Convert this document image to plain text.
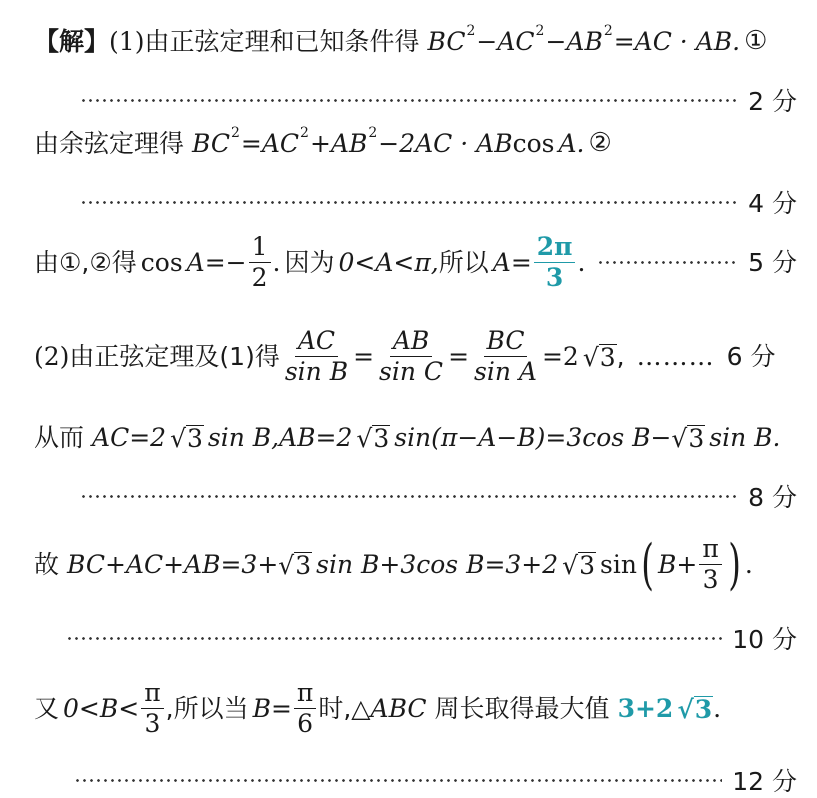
【 解 】 (1) 由正弦定理和已知条件得 BC 2 −AC 2 −AB 2 =AC · AB. ①
2 分
由余弦定理得 BC 2 =AC 2 +AB 2 −2AC · AB cos A. ②
4 分
由①,②得 $\cos A =- \frac{1}{2}$ . 因为 0<A<π, 所以 $A= \frac{2\pi}{3}$ .	5 分
(2) 由正弦定理及(1)得 $\frac{AC}{\text{sin B}} = \frac{AB}{\text{sin C}} = \frac{BC}{\text{sin A}} =2$ √ 3 , ……… 6 分
从而 AC=2 √ 3 sin B,AB=2 √ 3 sin(π−A−B)=3cos B− √ 3 sin B.
8 分
故 BC+AC+AB=3+ √ 3 sin B+3cos B=3+2 √ 3 sin ( $B+ \frac{\pi}{3}$ ) .
10 分
又 $0<B< \frac{\pi}{3}$ ,所以当 $B= \frac{\pi}{6}$ 时, △ABC 周长取得最大值 3+2 √ 3 .
12 分
